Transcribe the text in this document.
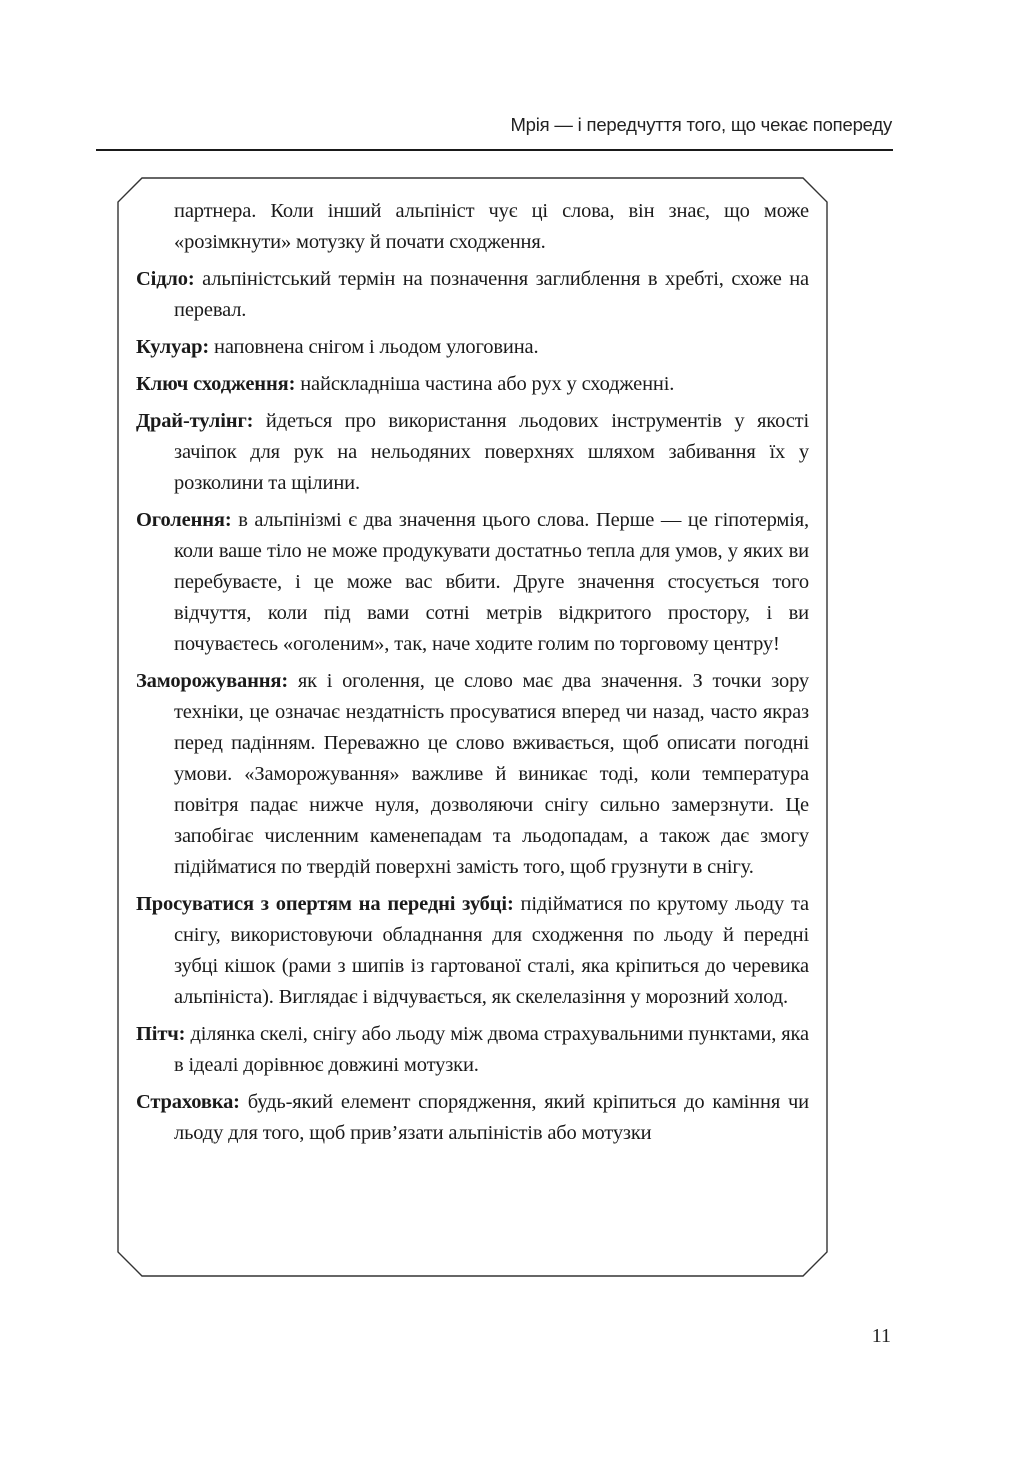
Мрія — і передчуття того, що чекає попереду

партнера. Коли інший альпініст чує ці слова, він знає, що може «розімкнути» мотузку й почати сходження.

Сідло: альпіністський термін на позначення заглиблення в хребті, схоже на перевал.

Кулуар: наповнена снігом і льодом улоговина.

Ключ сходження: найскладніша частина або рух у сходженні.

Драй-тулінг: йдеться про використання льодових інструментів у якості зачіпок для рук на нельодяних поверхнях шляхом забивання їх у розколини та щілини.

Оголення: в альпінізмі є два значення цього слова. Перше — це гіпотермія, коли ваше тіло не може продукувати достатньо тепла для умов, у яких ви перебуваєте, і це може вас вбити. Друге значення стосується того відчуття, коли під вами сотні метрів відкритого простору, і ви почуваєтесь «оголеним», так, наче ходите голим по торговому центру!

Заморожування: як і оголення, це слово має два значення. З точки зору техніки, це означає нездатність просуватися вперед чи назад, часто якраз перед падінням. Переважно це слово вживається, щоб описати погодні умови. «Заморожування» важливе й виникає тоді, коли температура повітря падає нижче нуля, дозволяючи снігу сильно замерзнути. Це запобігає численним каменепадам та льодопадам, а також дає змогу підійматися по твердій поверхні замість того, щоб грузнути в снігу.

Просуватися з опертям на передні зубці: підійматися по крутому льоду та снігу, використовуючи обладнання для сходження по льоду й передні зубці кішок (рами з шипів із гартованої сталі, яка кріпиться до черевика альпініста). Виглядає і відчувається, як скелелазіння у морозний холод.

Пітч: ділянка скелі, снігу або льоду між двома страхувальними пунктами, яка в ідеалі дорівнює довжині мотузки.

Страховка: будь-який елемент спорядження, який кріпиться до каміння чи льоду для того, щоб прив’язати альпіністів або мотузки

11
